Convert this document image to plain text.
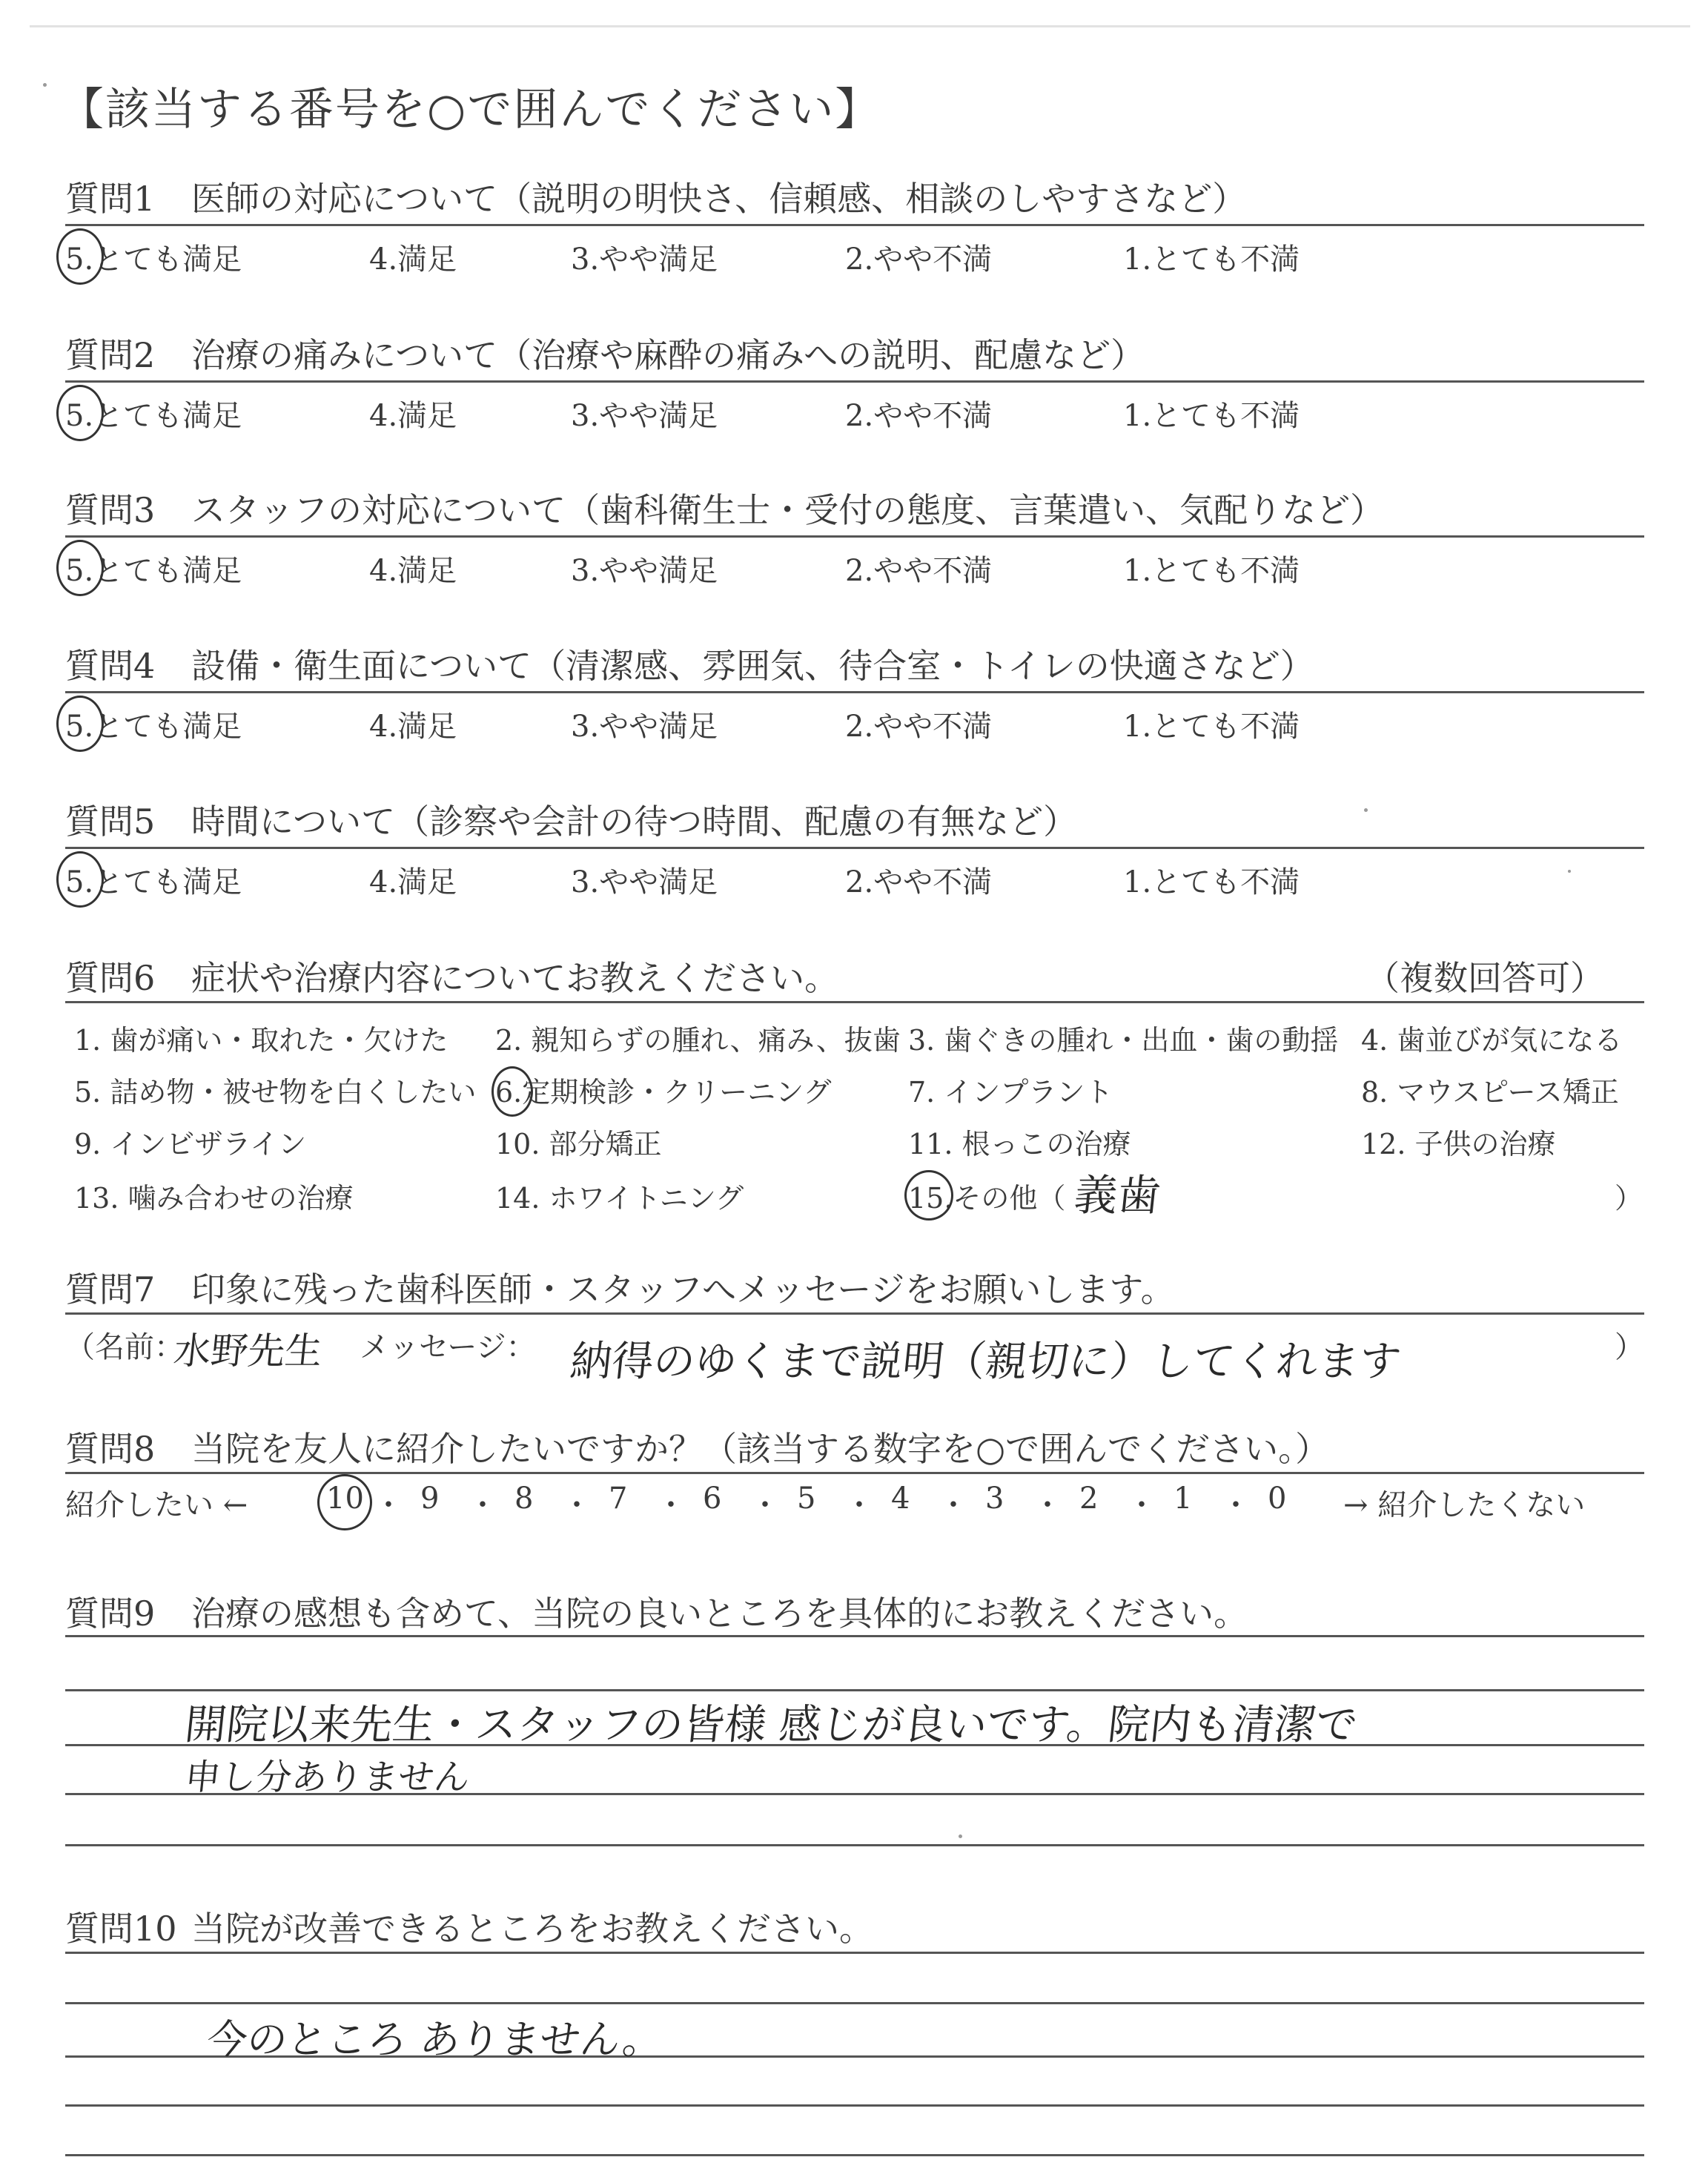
【該当する番号を○で囲んでください】
質問1 医師の対応について（説明の明快さ、信頼感、相談のしやすさなど）
5.とても満足	4.満足	3.やや満足	2.やや不満	1.とても不満
質問2 治療の痛みについて（治療や麻酔の痛みへの説明、配慮など）
5.とても満足	4.満足	3.やや満足	2.やや不満	1.とても不満
質問3 スタッフの対応について（歯科衛生士・受付の態度、言葉遣い、気配りなど）
5.とても満足	4.満足	3.やや満足	2.やや不満	1.とても不満
質問4 設備・衛生面について（清潔感、雰囲気、待合室・トイレの快適さなど）
5.とても満足	4.満足	3.やや満足	2.やや不満	1.とても不満
質問5 時間について（診察や会計の待つ時間、配慮の有無など）
5.とても満足	4.満足	3.やや満足	2.やや不満	1.とても不満
質問6 症状や治療内容についてお教えください。	（複数回答可）
1. 歯が痛い・取れた・欠けた 2. 親知らずの腫れ、痛み、抜歯 3. 歯ぐきの腫れ・出血・歯の動揺 4. 歯並びが気になる
5. 詰め物・被せ物を白くしたい 6.定期検診・クリーニング	7. インプラント	8. マウスピース矯正
9. インビザライン	10. 部分矯正	11. 根っこの治療	12. 子供の治療
13. 噛み合わせの治療	14. ホワイトニング	15.その他（	）
義歯
質問7 印象に残った歯科医師・スタッフへメッセージをお願いします。
（名前：
水野先生 メッセージ： 納得のゆくまで説明（親切に）してくれます	）
質問8 当院を友人に紹介したいですか？（該当する数字を○で囲んでください。）
紹介したい ←	10 ・ 9 ・ 8 ・ 7 ・ 6 ・ 5 ・ 4 ・ 3 ・ 2 ・ 1 ・ 0 → 紹介したくない
質問9 治療の感想も含めて、当院の良いところを具体的にお教えください。
開院以来先生・スタッフの皆様 感じが良いです。院内も清潔で
申し分ありません
質問10 当院が改善できるところをお教えください。
今のところ ありません。
